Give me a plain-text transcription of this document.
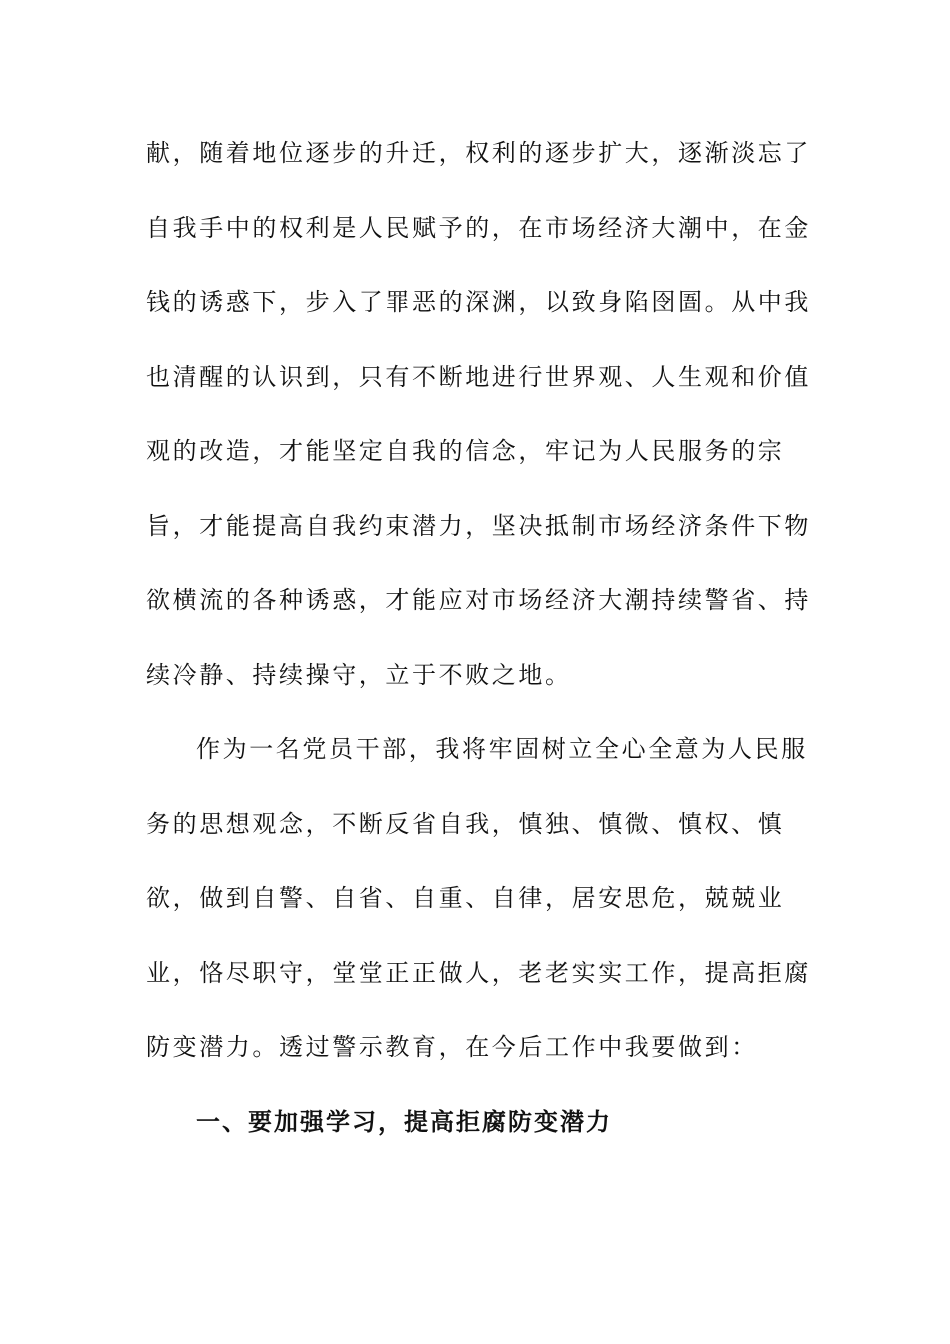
献，随着地位逐步的升迁，权利的逐步扩大，逐渐淡忘了
自我手中的权利是人民赋予的，在市场经济大潮中，在金
钱的诱惑下，步入了罪恶的深渊，以致身陷囹圄。从中我
也清醒的认识到，只有不断地进行世界观、人生观和价值
观的改造，才能坚定自我的信念，牢记为人民服务的宗
旨，才能提高自我约束潜力，坚决抵制市场经济条件下物
欲横流的各种诱惑，才能应对市场经济大潮持续警省、持
续冷静、持续操守，立于不败之地。
作为一名党员干部，我将牢固树立全心全意为人民服
务的思想观念，不断反省自我，慎独、慎微、慎权、慎
欲，做到自警、自省、自重、自律，居安思危，兢兢业
业，恪尽职守，堂堂正正做人，老老实实工作，提高拒腐
防变潜力。透过警示教育，在今后工作中我要做到：
一、要加强学习，提高拒腐防变潜力
